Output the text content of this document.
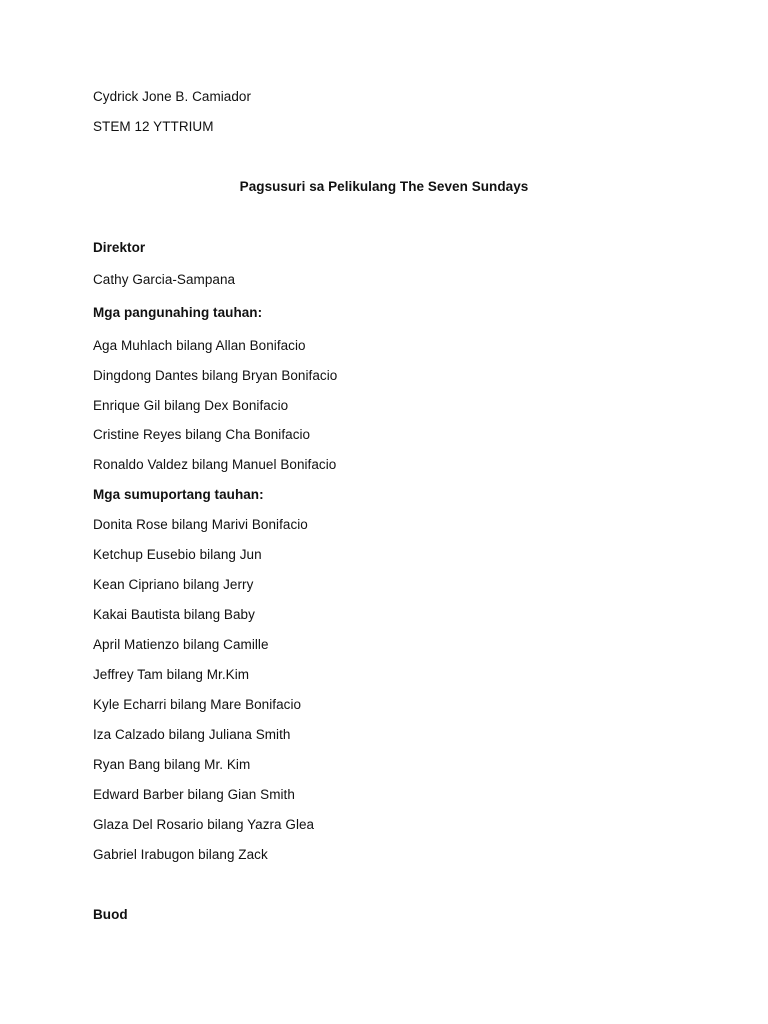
Cydrick Jone B. Camiador
STEM 12 YTTRIUM
Pagsusuri sa Pelikulang The Seven Sundays
Direktor
Cathy Garcia-Sampana
Mga pangunahing tauhan:
Aga Muhlach bilang Allan Bonifacio
Dingdong Dantes bilang Bryan Bonifacio
Enrique Gil bilang Dex Bonifacio
Cristine Reyes bilang Cha Bonifacio
Ronaldo Valdez bilang Manuel Bonifacio
Mga sumuportang tauhan:
Donita Rose bilang Marivi Bonifacio
Ketchup Eusebio bilang Jun
Kean Cipriano bilang Jerry
Kakai Bautista bilang Baby
April Matienzo bilang Camille
Jeffrey Tam bilang Mr.Kim
Kyle Echarri bilang Mare Bonifacio
Iza Calzado bilang Juliana Smith
Ryan Bang bilang Mr. Kim
Edward Barber bilang Gian Smith
Glaza Del Rosario bilang Yazra Glea
Gabriel Irabugon bilang Zack
Buod
